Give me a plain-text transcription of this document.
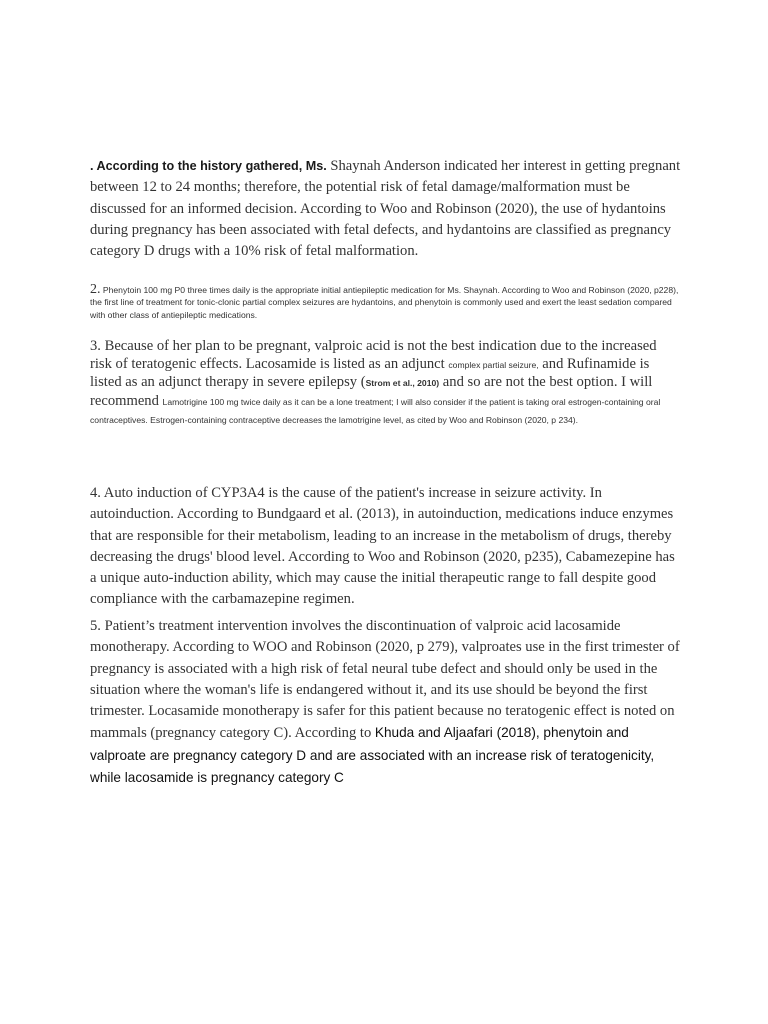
. According to the history gathered, Ms. Shaynah Anderson indicated her interest in getting pregnant between 12 to 24 months; therefore, the potential risk of fetal damage/malformation must be discussed for an informed decision. According to Woo and Robinson (2020), the use of hydantoins during pregnancy has been associated with fetal defects, and hydantoins are classified as pregnancy category D drugs with a 10% risk of fetal malformation.

2. Phenytoin 100 mg P0 three times daily is the appropriate initial antiepileptic medication for Ms. Shaynah. According to Woo and Robinson (2020, p228), the first line of treatment for tonic-clonic partial complex seizures are hydantoins, and phenytoin is commonly used and exert the least sedation compared with other class of antiepileptic medications.

3. Because of her plan to be pregnant, valproic acid is not the best indication due to the increased risk of teratogenic effects. Lacosamide is listed as an adjunct complex partial seizure, and Rufinamide is listed as an adjunct therapy in severe epilepsy (Strom et al., 2010) and so are not the best option. I will recommend Lamotrigine 100 mg twice daily as it can be a lone treatment; I will also consider if the patient is taking oral estrogen-containing oral contraceptives. Estrogen-containing contraceptive decreases the lamotrigine level, as cited by Woo and Robinson (2020, p 234).

4. Auto induction of CYP3A4 is the cause of the patient's increase in seizure activity. In autoinduction. According to Bundgaard et al. (2013), in autoinduction, medications induce enzymes that are responsible for their metabolism, leading to an increase in the metabolism of drugs, thereby decreasing the drugs' blood level. According to Woo and Robinson (2020, p235), Cabamezepine has a unique auto-induction ability, which may cause the initial therapeutic range to fall despite good compliance with the carbamazepine regimen.

5. Patient’s treatment intervention involves the discontinuation of valproic acid lacosamide monotherapy. According to WOO and Robinson (2020, p 279), valproates use in the first trimester of pregnancy is associated with a high risk of fetal neural tube defect and should only be used in the situation where the woman's life is endangered without it, and its use should be beyond the first trimester. Locasamide monotherapy is safer for this patient because no teratogenic effect is noted on mammals (pregnancy category C). According to Khuda and Aljaafari (2018), phenytoin and valproate are pregnancy category D and are associated with an increase risk of teratogenicity, while lacosamide is pregnancy category C
